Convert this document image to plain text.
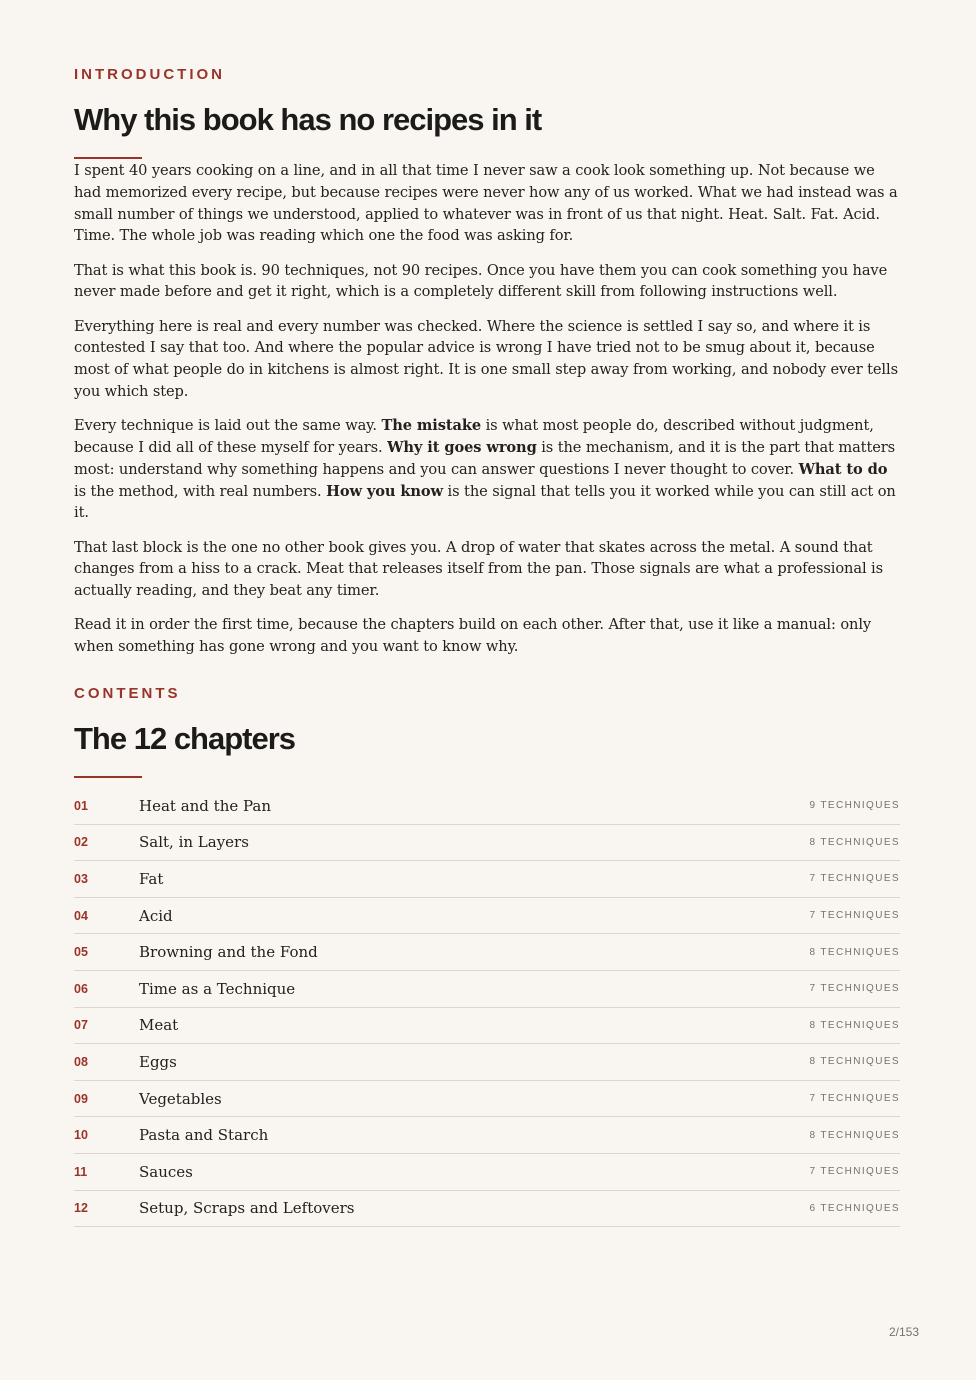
INTRODUCTION

Why this book has no recipes in it

I spent 40 years cooking on a line, and in all that time I never saw a cook look something up. Not because we had memorized every recipe, but because recipes were never how any of us worked. What we had instead was a small number of things we understood, applied to whatever was in front of us that night. Heat. Salt. Fat. Acid. Time. The whole job was reading which one the food was asking for.

That is what this book is. 90 techniques, not 90 recipes. Once you have them you can cook something you have never made before and get it right, which is a completely different skill from following instructions well.

Everything here is real and every number was checked. Where the science is settled I say so, and where it is contested I say that too. And where the popular advice is wrong I have tried not to be smug about it, because most of what people do in kitchens is almost right. It is one small step away from working, and nobody ever tells you which step.

Every technique is laid out the same way. The mistake is what most people do, described without judgment, because I did all of these myself for years. Why it goes wrong is the mechanism, and it is the part that matters most: understand why something happens and you can answer questions I never thought to cover. What to do is the method, with real numbers. How you know is the signal that tells you it worked while you can still act on it.

That last block is the one no other book gives you. A drop of water that skates across the metal. A sound that changes from a hiss to a crack. Meat that releases itself from the pan. Those signals are what a professional is actually reading, and they beat any timer.

Read it in order the first time, because the chapters build on each other. After that, use it like a manual: only when something has gone wrong and you want to know why.

CONTENTS

The 12 chapters
01	Heat and the Pan	9 TECHNIQUES
02	Salt, in Layers	8 TECHNIQUES
03	Fat	7 TECHNIQUES
04	Acid	7 TECHNIQUES
05	Browning and the Fond	8 TECHNIQUES
06	Time as a Technique	7 TECHNIQUES
07	Meat	8 TECHNIQUES
08	Eggs	8 TECHNIQUES
09	Vegetables	7 TECHNIQUES
10	Pasta and Starch	8 TECHNIQUES
11	Sauces	7 TECHNIQUES
12	Setup, Scraps and Leftovers	6 TECHNIQUES
2/153
